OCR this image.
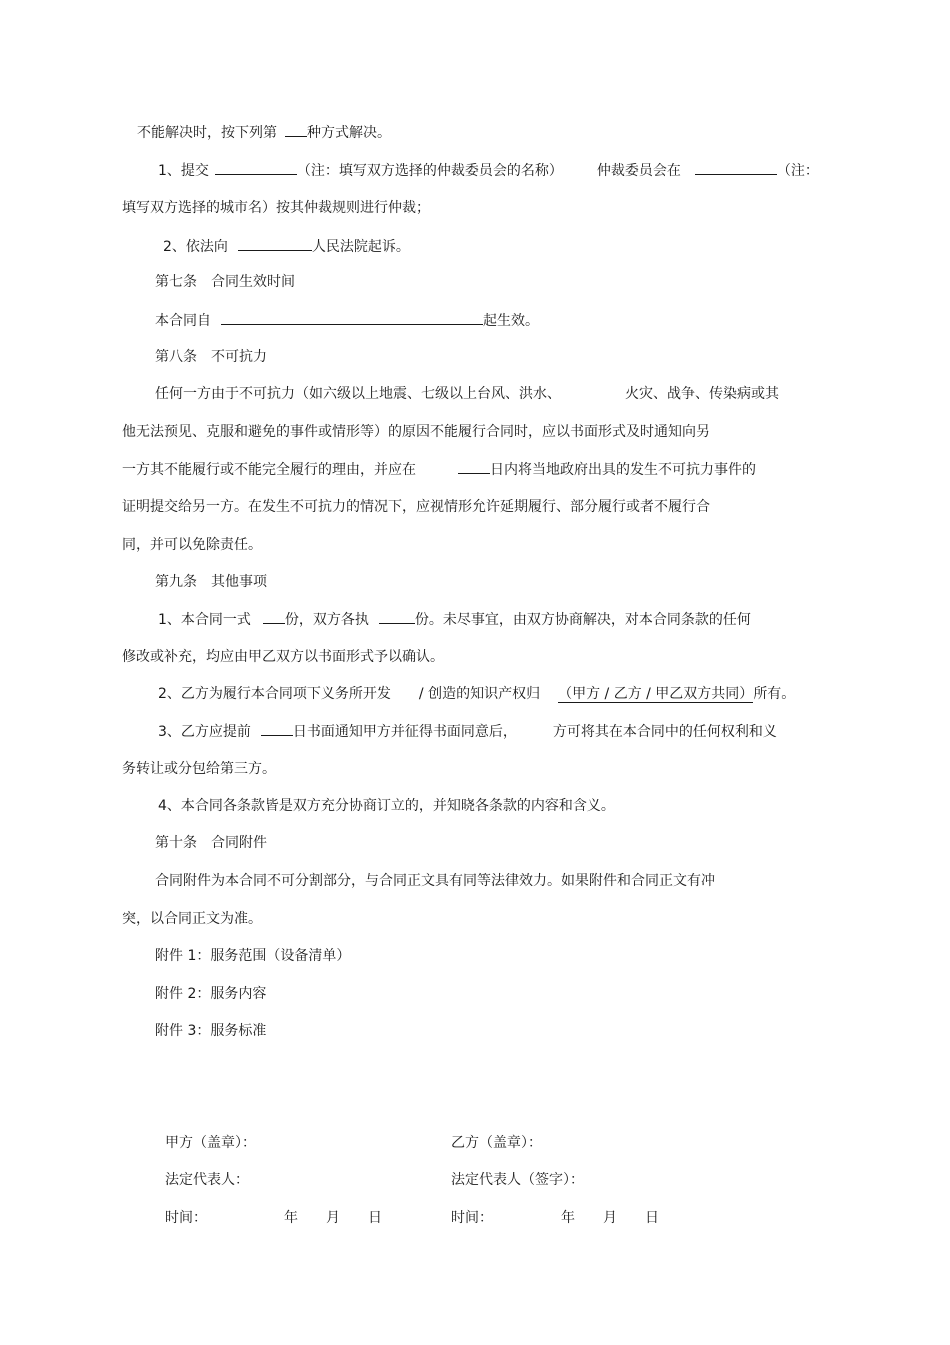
不能解决时，按下列第 种方式解决。
1、提交	（注：填写双方选择的仲裁委员会的名称） 仲裁委员会在	（注：
填写双方选择的城市名）按其仲裁规则进行仲裁；
2、依法向	人民法院起诉。
第七条　合同生效时间
本合同自	起生效。
第八条　不可抗力
任何一方由于不可抗力（如六级以上地震、七级以上台风、洪水、	火灾、战争、传染病或其
他无法预见、克服和避免的事件或情形等）的原因不能履行合同时，应以书面形式及时通知向另
一方其不能履行或不能完全履行的理由，并应在	日内将当地政府出具的发生不可抗力事件的
证明提交给另一方。在发生不可抗力的情况下，应视情形允许延期履行、部分履行或者不履行合
同，并可以免除责任。
第九条　其他事项
1、本合同一式 份，双方各执	份。未尽事宜，由双方协商解决，对本合同条款的任何
修改或补充，均应由甲乙双方以书面形式予以确认。
2、乙方为履行本合同项下义务所开发 / 创造的知识产权归 （甲方 / 乙方 / 甲乙双方共同）所有。
3、乙方应提前	日书面通知甲方并征得书面同意后，	方可将其在本合同中的任何权利和义
务转让或分包给第三方。
4、本合同各条款皆是双方充分协商订立的，并知晓各条款的内容和含义。
第十条　合同附件
合同附件为本合同不可分割部分，与合同正文具有同等法律效力。如果附件和合同正文有冲
突，以合同正文为准。
附件 1：服务范围（设备清单）
附件 2：服务内容
附件 3：服务标准
甲方（盖章）：	乙方（盖章）：
法定代表人：	法定代表人（签字）：
时间：	年 月 日	时间：	年 月 日
